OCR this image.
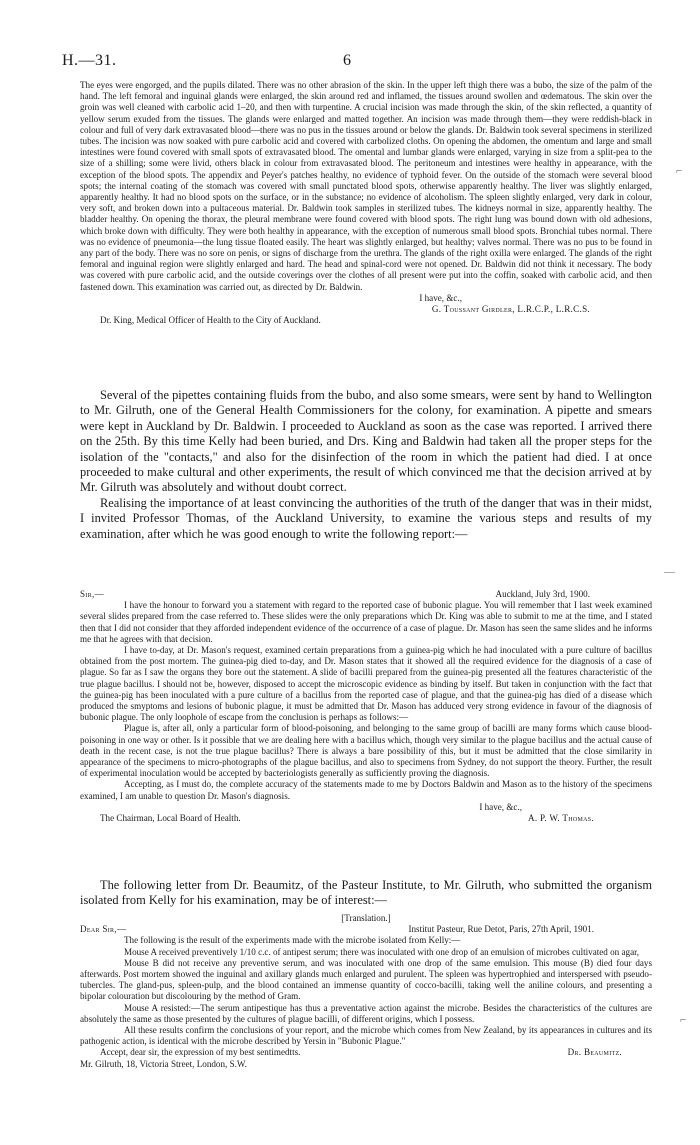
H.—31.	6

The eyes were engorged, and the pupils dilated. There was no other abrasion of the skin. In the upper left thigh there was a bubo, the size of the palm of the hand. The left femoral and inguinal glands were enlarged, the skin around red and inflamed, the tissues around swollen and œdematous. The skin over the groin was well cleaned with carbolic acid 1–20, and then with turpentine. A crucial incision was made through the skin, of the skin reflected, a quantity of yellow serum exuded from the tissues. The glands were enlarged and matted together. An incision was made through them—they were reddish-black in colour and full of very dark extravasated blood—there was no pus in the tissues around or below the glands. Dr. Baldwin took several specimens in sterilized tubes. The incision was now soaked with pure carbolic acid and covered with carbolized cloths. On opening the abdomen, the omentum and large and small intestines were found covered with small spots of extravasated blood. The omental and lumbar glands were enlarged, varying in size from a split-pea to the size of a shilling; some were livid, others black in colour from extravasated blood. The peritoneum and intestines were healthy in appearance, with the exception of the blood spots. The appendix and Peyer's patches healthy, no evidence of typhoid fever. On the outside of the stomach were several blood spots; the internal coating of the stomach was covered with small punctated blood spots, otherwise apparently healthy. The liver was slightly enlarged, apparently healthy. It had no blood spots on the surface, or in the substance; no evidence of alcoholism. The spleen slightly enlarged, very dark in colour, very soft, and broken down into a pultaceous material. Dr. Baldwin took samples in sterilized tubes. The kidneys normal in size, apparently healthy. The bladder healthy. On opening the thorax, the pleural membrane were found covered with blood spots. The right lung was bound down with old adhesions, which broke down with difficulty. They were both healthy in appearance, with the exception of numerous small blood spots. Bronchial tubes normal. There was no evidence of pneumonia—the lung tissue floated easily. The heart was slightly enlarged, but healthy; valves normal. There was no pus to be found in any part of the body. There was no sore on penis, or signs of discharge from the urethra. The glands of the right oxilla were enlarged. The glands of the right femoral and inguinal region were slightly enlarged and hard. The head and spinal-cord were not opened. Dr. Baldwin did not think it necessary. The body was covered with pure carbolic acid, and the outside coverings over the clothes of all present were put into the coffin, soaked with carbolic acid, and then fastened down. This examination was carried out, as directed by Dr. Baldwin.

I have, &c.,

G. Toussant Girdler, L.R.C.P., L.R.C.S.

Dr. King, Medical Officer of Health to the City of Auckland.

Several of the pipettes containing fluids from the bubo, and also some smears, were sent by hand to Wellington to Mr. Gilruth, one of the General Health Commissioners for the colony, for examination. A pipette and smears were kept in Auckland by Dr. Baldwin. I proceeded to Auckland as soon as the case was reported. I arrived there on the 25th. By this time Kelly had been buried, and Drs. King and Baldwin had taken all the proper steps for the isolation of the "contacts," and also for the disinfection of the room in which the patient had died. I at once proceeded to make cultural and other experiments, the result of which convinced me that the decision arrived at by Mr. Gilruth was absolutely and without doubt correct.

Realising the importance of at least convincing the authorities of the truth of the danger that was in their midst, I invited Professor Thomas, of the Auckland University, to examine the various steps and results of my examination, after which he was good enough to write the following report:—

Sir,—	Auckland, July 3rd, 1900.

I have the honour to forward you a statement with regard to the reported case of bubonic plague. You will remember that I last week examined several slides prepared from the case referred to. These slides were the only preparations which Dr. King was able to submit to me at the time, and I stated then that I did not consider that they afforded independent evidence of the occurrence of a case of plague. Dr. Mason has seen the same slides and he informs me that he agrees with that decision.

I have to-day, at Dr. Mason's request, examined certain preparations from a guinea-pig which he had inoculated with a pure culture of bacillus obtained from the post mortem. The guinea-pig died to-day, and Dr. Mason states that it showed all the required evidence for the diagnosis of a case of plague. So far as I saw the organs they bore out the statement. A slide of bacilli prepared from the guinea-pig presented all the features characteristic of the true plague bacillus. I should not be, however, disposed to accept the microscopic evidence as binding by itself. But taken in conjunction with the fact that the guinea-pig has been inoculated with a pure culture of a bacillus from the reported case of plague, and that the guinea-pig has died of a disease which produced the smyptoms and lesions of bubonic plague, it must be admitted that Dr. Mason has adduced very strong evidence in favour of the diagnosis of bubonic plague. The only loophole of escape from the conclusion is perhaps as follows:—

Plague is, after all, only a particular form of blood-poisoning, and belonging to the same group of bacilli are many forms which cause blood-poisoning in one way or other. Is it possible that we are dealing here with a bacillus which, though very similar to the plague bacillus and the actual cause of death in the recent case, is not the true plague bacillus? There is always a bare possibility of this, but it must be admitted that the close similarity in appearance of the specimens to micro-photographs of the plague bacillus, and also to specimens from Sydney, do not support the theory. Further, the result of experimental inoculation would be accepted by bacteriologists generally as sufficiently proving the diagnosis.

Accepting, as I must do, the complete accuracy of the statements made to me by Doctors Baldwin and Mason as to the history of the specimens examined, I am unable to question Dr. Mason's diagnosis.

I have, &c.,

The Chairman, Local Board of Health.	A. P. W. Thomas.

The following letter from Dr. Beaumitz, of the Pasteur Institute, to Mr. Gilruth, who submitted the organism isolated from Kelly for his examination, may be of interest:—

[Translation.]

Dear Sir,—	Institut Pasteur, Rue Detot, Paris, 27th April, 1901.

The following is the result of the experiments made with the microbe isolated from Kelly:—

Mouse A received preventively 1/10 c.c. of antipest serum; there was inoculated with one drop of an emulsion of microbes cultivated on agar,

Mouse B did not receive any preventive serum, and was inoculated with one drop of the same emulsion. This mouse (B) died four days afterwards. Post mortem showed the inguinal and axillary glands much enlarged and purulent. The spleen was hypertrophied and interspersed with pseudo-tubercles. The gland-pus, spleen-pulp, and the blood contained an immense quantity of cocco-bacilli, taking well the aniline colours, and presenting a bipolar colouration but discolouring by the method of Gram.

Mouse A resisted:—The serum antipestique has thus a preventative action against the microbe. Besides the characteristics of the cultures are absolutely the same as those presented by the cultures of plague bacilli, of different origins, which I possess.

All these results confirm the conclusions of your report, and the microbe which comes from New Zealand, by its appearances in cultures and its pathogenic action, is identical with the microbe described by Yersin in "Bubonic Plague."

Accept, dear sir, the expression of my best sentimedtts.	Dr. Beaumitz.

Mr. Gilruth, 18, Victoria Street, London, S.W.

⌐
—
⌐
